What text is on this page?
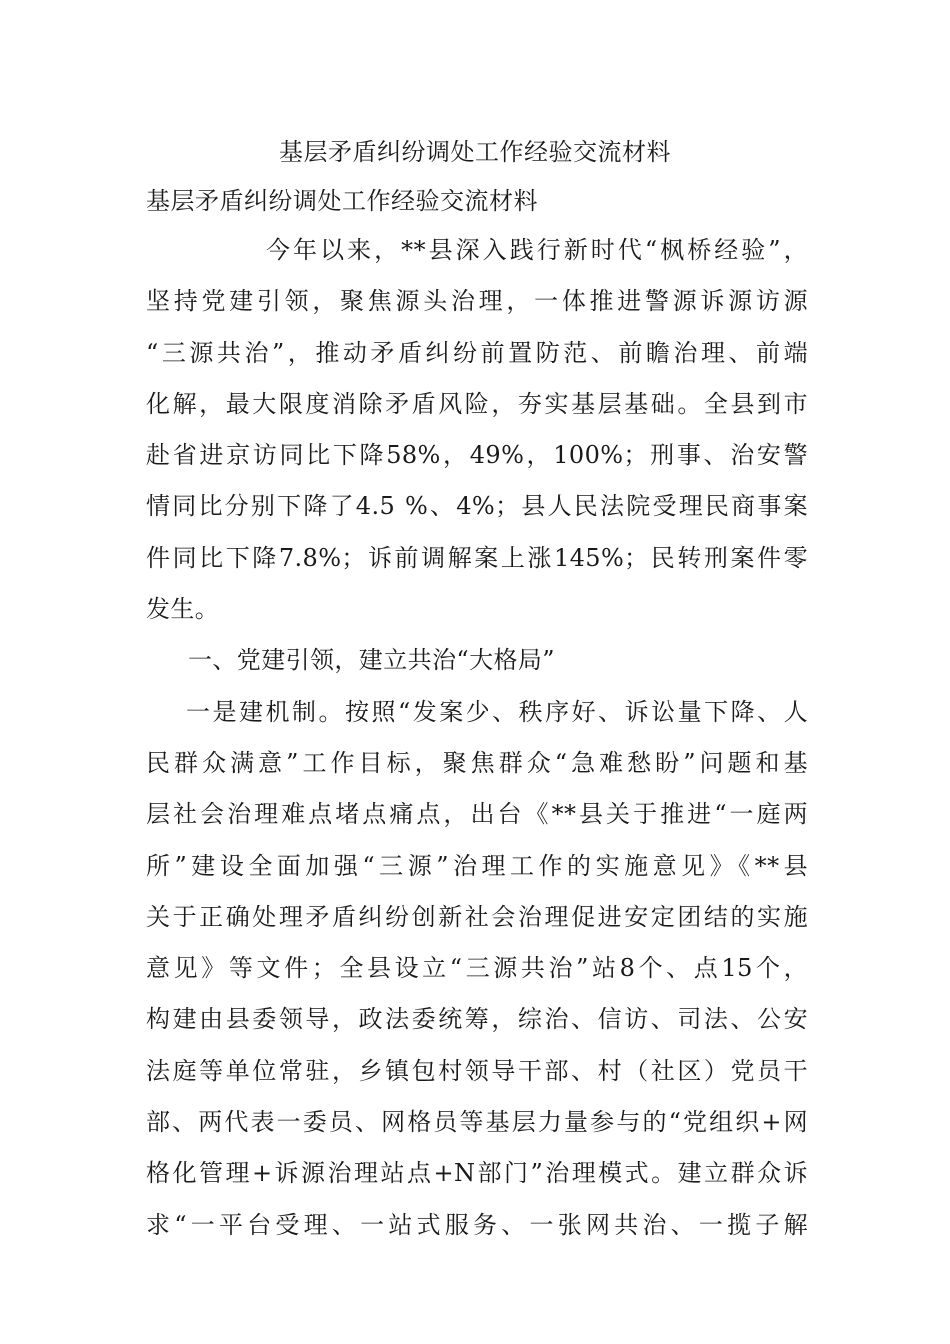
基层矛盾纠纷调处工作经验交流材料
基层矛盾纠纷调处工作经验交流材料
今年以来，**县深入践行新时代“枫桥经验”，
坚持党建引领，聚焦源头治理，一体推进警源诉源访源
“三源共治”，推动矛盾纠纷前置防范、前瞻治理、前端
化解，最大限度消除矛盾风险，夯实基层基础。全县到市
赴省进京访同比下降58%，49%，100%；刑事、治安警
情同比分别下降了4.5 %、4%；县人民法院受理民商事案
件同比下降7.8%；诉前调解案上涨145%；民转刑案件零
发生。
一、党建引领，建立共治“大格局”
一是建机制。按照“发案少、秩序好、诉讼量下降、人
民群众满意”工作目标，聚焦群众“急难愁盼”问题和基
层社会治理难点堵点痛点，出台《**县关于推进“一庭两
所”建设全面加强“三源”治理工作的实施意见》《**县
关于正确处理矛盾纠纷创新社会治理促进安定团结的实施
意见》等文件；全县设立“三源共治”站8个、点15个，
构建由县委领导，政法委统筹，综治、信访、司法、公安
法庭等单位常驻，乡镇包村领导干部、村（社区）党员干
部、两代表一委员、网格员等基层力量参与的“党组织+网
格化管理+诉源治理站点+N部门”治理模式。建立群众诉
求“一平台受理、一站式服务、一张网共治、一揽子解
